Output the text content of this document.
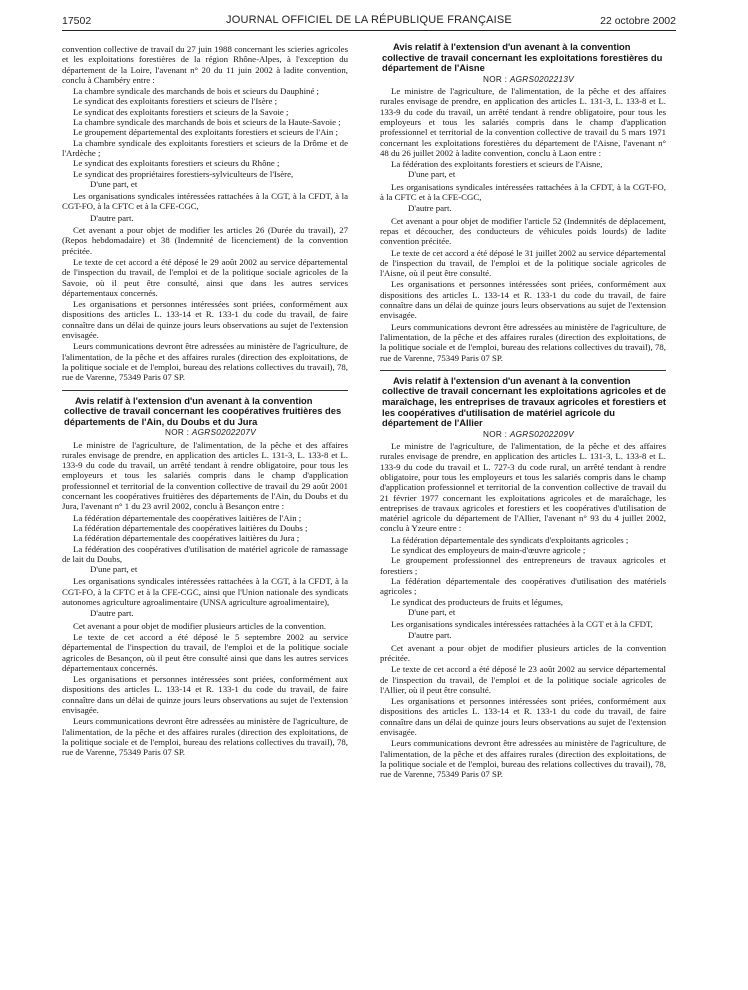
17502	JOURNAL OFFICIEL DE LA RÉPUBLIQUE FRANÇAISE	22 octobre 2002

convention collective de travail du 27 juin 1988 concernant les scieries agricoles et les exploitations forestières de la région Rhône-Alpes, à l'exception du département de la Loire, l'avenant n° 20 du 11 juin 2002 à ladite convention, conclu à Chambéry entre :

La chambre syndicale des marchands de bois et scieurs du Dauphiné ;

Le syndicat des exploitants forestiers et scieurs de l'Isère ;

Le syndicat des exploitants forestiers et scieurs de la Savoie ;

La chambre syndicale des marchands de bois et scieurs de la Haute-Savoie ;

Le groupement départemental des exploitants forestiers et scieurs de l'Ain ;

La chambre syndicale des exploitants forestiers et scieurs de la Drôme et de l'Ardèche ;

Le syndicat des exploitants forestiers et scieurs du Rhône ;

Le syndicat des propriétaires forestiers-sylviculteurs de l'Isère,

D'une part, et

Les organisations syndicales intéressées rattachées à la CGT, à la CFDT, à la CGT-FO, à la CFTC et à la CFE-CGC,

D'autre part.

Cet avenant a pour objet de modifier les articles 26 (Durée du travail), 27 (Repos hebdomadaire) et 38 (Indemnité de licenciement) de la convention précitée.

Le texte de cet accord a été déposé le 29 août 2002 au service départemental de l'inspection du travail, de l'emploi et de la politique sociale agricoles de la Savoie, où il peut être consulté, ainsi que dans les autres services départementaux concernés.

Les organisations et personnes intéressées sont priées, conformément aux dispositions des articles L. 133-14 et R. 133-1 du code du travail, de faire connaître dans un délai de quinze jours leurs observations au sujet de l'extension envisagée.

Leurs communications devront être adressées au ministère de l'agriculture, de l'alimentation, de la pêche et des affaires rurales (direction des exploitations, de la politique sociale et de l'emploi, bureau des relations collectives du travail), 78, rue de Varenne, 75349 Paris 07 SP.

Avis relatif à l'extension d'un avenant à la convention collective de travail concernant les coopératives fruitières des départements de l'Ain, du Doubs et du Jura

NOR : AGRS0202207V

Le ministre de l'agriculture, de l'alimentation, de la pêche et des affaires rurales envisage de prendre, en application des articles L. 131-3, L. 133-8 et L. 133-9 du code du travail, un arrêté tendant à rendre obligatoire, pour tous les employeurs et tous les salariés compris dans le champ d'application professionnel et territorial de la convention collective de travail du 29 août 2001 concernant les coopératives fruitières des départements de l'Ain, du Doubs et du Jura, l'avenant n° 1 du 23 avril 2002, conclu à Besançon entre :

La fédération départementale des coopératives laitières de l'Ain ;

La fédération départementale des coopératives laitières du Doubs ;

La fédération départementale des coopératives laitières du Jura ;

La fédération des coopératives d'utilisation de matériel agricole de ramassage de lait du Doubs,

D'une part, et

Les organisations syndicales intéressées rattachées à la CGT, à la CFDT, à la CGT-FO, à la CFTC et à la CFE-CGC, ainsi que l'Union nationale des syndicats autonomes agriculture agroalimentaire (UNSA agriculture agroalimentaire),

D'autre part.

Cet avenant a pour objet de modifier plusieurs articles de la convention.

Le texte de cet accord a été déposé le 5 septembre 2002 au service départemental de l'inspection du travail, de l'emploi et de la politique sociale agricoles de Besançon, où il peut être consulté ainsi que dans les autres services départementaux concernés.

Les organisations et personnes intéressées sont priées, conformément aux dispositions des articles L. 133-14 et R. 133-1 du code du travail, de faire connaître dans un délai de quinze jours leurs observations au sujet de l'extension envisagée.

Leurs communications devront être adressées au ministère de l'agriculture, de l'alimentation, de la pêche et des affaires rurales (direction des exploitations, de la politique sociale et de l'emploi, bureau des relations collectives du travail), 78, rue de Varenne, 75349 Paris 07 SP.

Avis relatif à l'extension d'un avenant à la convention collective de travail concernant les exploitations forestières du département de l'Aisne

NOR : AGRS0202213V

Le ministre de l'agriculture, de l'alimentation, de la pêche et des affaires rurales envisage de prendre, en application des articles L. 131-3, L. 133-8 et L. 133-9 du code du travail, un arrêté tendant à rendre obligatoire, pour tous les employeurs et tous les salariés compris dans le champ d'application professionnel et territorial de la convention collective de travail du 5 mars 1971 concernant les exploitations forestières du département de l'Aisne, l'avenant n° 48 du 26 juillet 2002 à ladite convention, conclu à Laon entre :

La fédération des exploitants forestiers et scieurs de l'Aisne,

D'une part, et

Les organisations syndicales intéressées rattachées à la CFDT, à la CGT-FO, à la CFTC et à la CFE-CGC,

D'autre part.

Cet avenant a pour objet de modifier l'article 52 (Indemnités de déplacement, repas et découcher, des conducteurs de véhicules poids lourds) de ladite convention précitée.

Le texte de cet accord a été déposé le 31 juillet 2002 au service départemental de l'inspection du travail, de l'emploi et de la politique sociale agricoles de l'Aisne, où il peut être consulté.

Les organisations et personnes intéressées sont priées, conformément aux dispositions des articles L. 133-14 et R. 133-1 du code du travail, de faire connaître dans un délai de quinze jours leurs observations au sujet de l'extension envisagée.

Leurs communications devront être adressées au ministère de l'agriculture, de l'alimentation, de la pêche et des affaires rurales (direction des exploitations, de la politique sociale et de l'emploi, bureau des relations collectives du travail), 78, rue de Varenne, 75349 Paris 07 SP.

Avis relatif à l'extension d'un avenant à la convention collective de travail concernant les exploitations agricoles et de maraîchage, les entreprises de travaux agricoles et forestiers et les coopératives d'utilisation de matériel agricole du département de l'Allier

NOR : AGRS0202209V

Le ministre de l'agriculture, de l'alimentation, de la pêche et des affaires rurales envisage de prendre, en application des articles L. 131-3, L. 133-8 et L. 133-9 du code du travail et L. 727-3 du code rural, un arrêté tendant à rendre obligatoire, pour tous les employeurs et tous les salariés compris dans le champ d'application professionnel et territorial de la convention collective de travail du 21 février 1977 concernant les exploitations agricoles et de maraîchage, les entreprises de travaux agricoles et forestiers et les coopératives d'utilisation de matériel agricole du département de l'Allier, l'avenant n° 93 du 4 juillet 2002, conclu à Yzeure entre :

La fédération départementale des syndicats d'exploitants agricoles ;

Le syndicat des employeurs de main-d'œuvre agricole ;

Le groupement professionnel des entrepreneurs de travaux agricoles et forestiers ;

La fédération départementale des coopératives d'utilisation des matériels agricoles ;

Le syndicat des producteurs de fruits et légumes,

D'une part, et

Les organisations syndicales intéressées rattachées à la CGT et à la CFDT,

D'autre part.

Cet avenant a pour objet de modifier plusieurs articles de la convention précitée.

Le texte de cet accord a été déposé le 23 août 2002 au service départemental de l'inspection du travail, de l'emploi et de la politique sociale agricoles de l'Allier, où il peut être consulté.

Les organisations et personnes intéressées sont priées, conformément aux dispositions des articles L. 133-14 et R. 133-1 du code du travail, de faire connaître dans un délai de quinze jours leurs observations au sujet de l'extension envisagée.

Leurs communications devront être adressées au ministère de l'agriculture, de l'alimentation, de la pêche et des affaires rurales (direction des exploitations, de la politique sociale et de l'emploi, bureau des relations collectives du travail), 78, rue de Varenne, 75349 Paris 07 SP.
